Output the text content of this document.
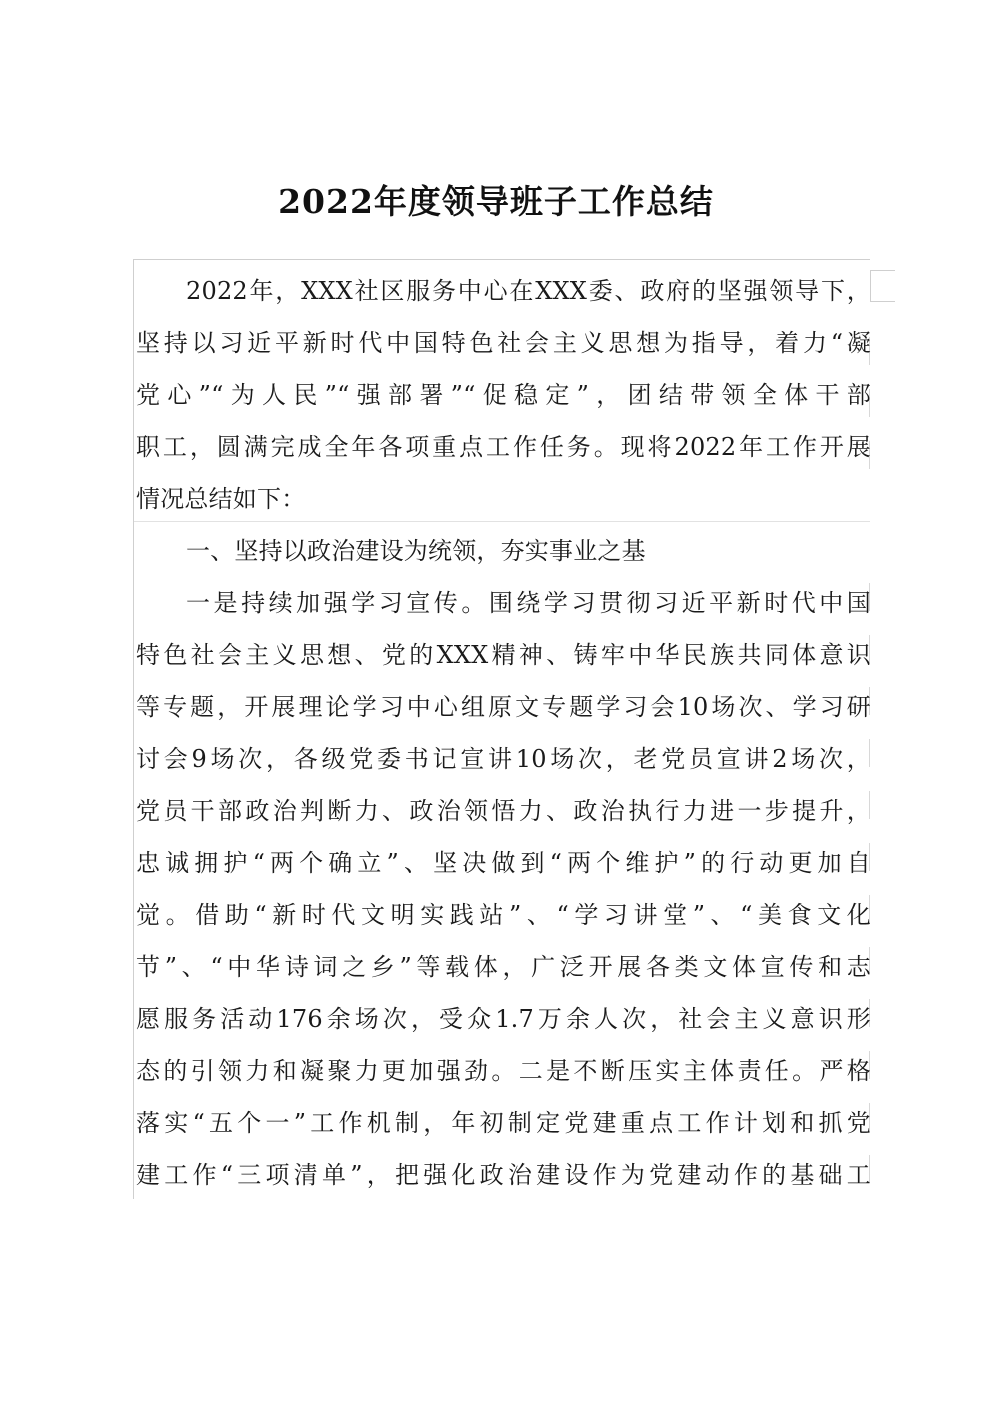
2022年度领导班子工作总结
2022年，XXX社区服务中心在XXX委、政府的坚强领导下，
坚持以习近平新时代中国特色社会主义思想为指导，着力“凝
党心”“为人民”“强部署”“促稳定”，团结带领全体干部
职工，圆满完成全年各项重点工作任务。现将2022年工作开展
情况总结如下：
一、坚持以政治建设为统领，夯实事业之基
一是持续加强学习宣传。围绕学习贯彻习近平新时代中国
特色社会主义思想、党的XXX精神、铸牢中华民族共同体意识
等专题，开展理论学习中心组原文专题学习会10场次、学习研
讨会9场次，各级党委书记宣讲10场次，老党员宣讲2场次，
党员干部政治判断力、政治领悟力、政治执行力进一步提升，
忠诚拥护“两个确立”、坚决做到“两个维护”的行动更加自
觉。借助“新时代文明实践站”、“学习讲堂”、“美食文化
节”、“中华诗词之乡”等载体，广泛开展各类文体宣传和志
愿服务活动176余场次，受众1.7万余人次，社会主义意识形
态的引领力和凝聚力更加强劲。二是不断压实主体责任。严格
落实“五个一”工作机制，年初制定党建重点工作计划和抓党
建工作“三项清单”，把强化政治建设作为党建动作的基础工
